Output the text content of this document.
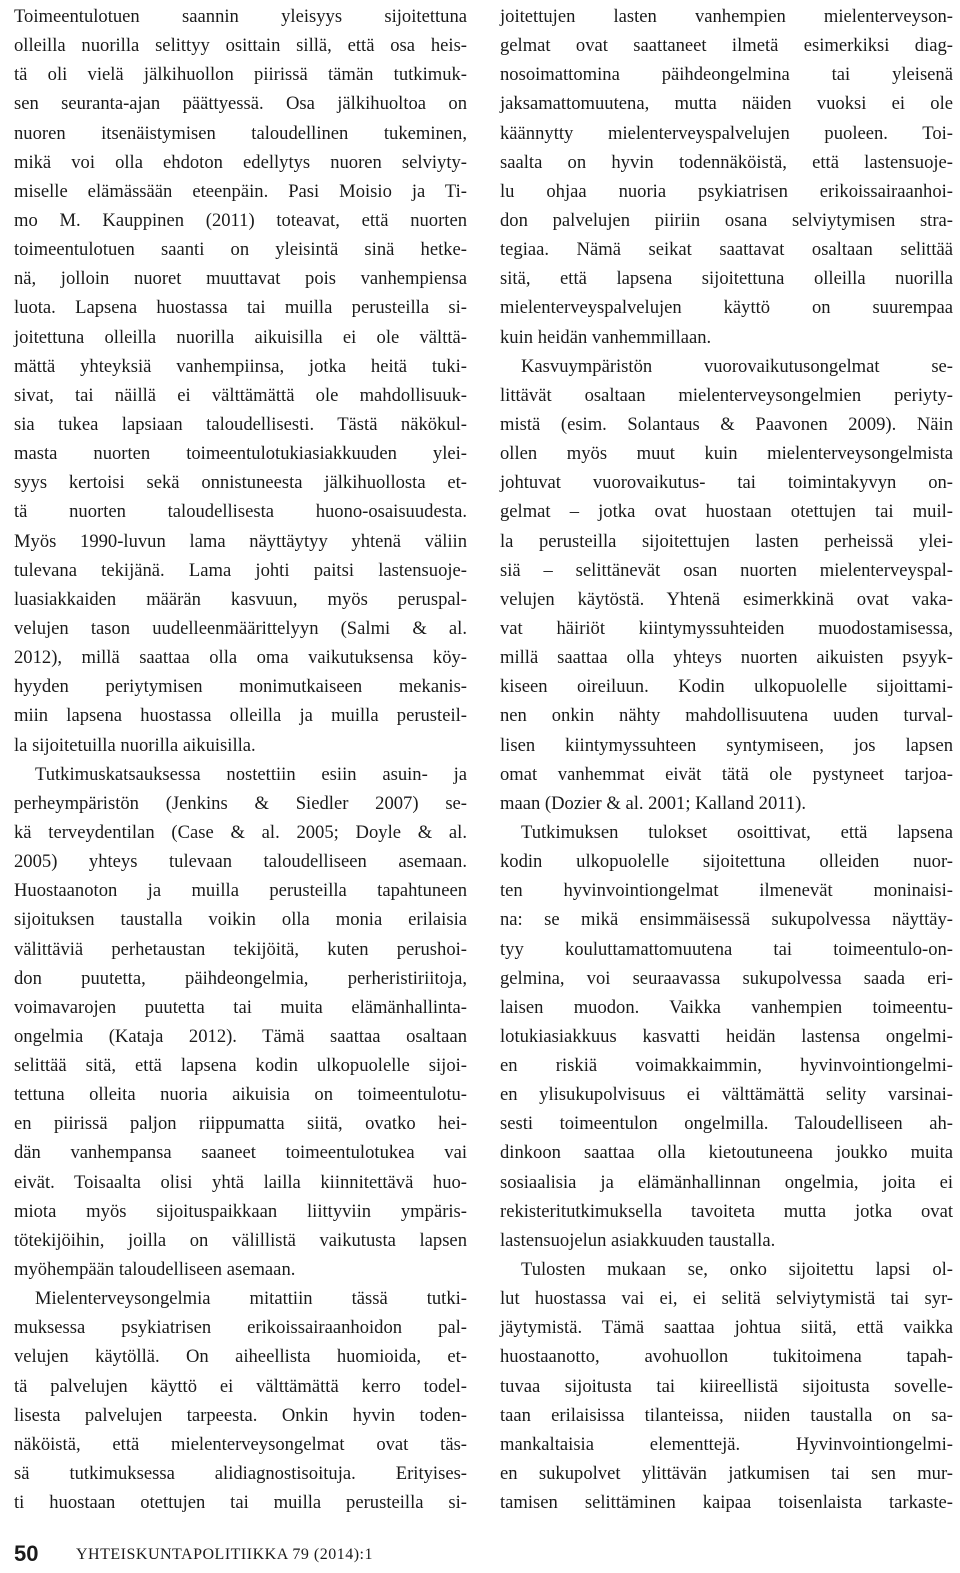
Toimeentulotuen saannin yleisyys sijoitettuna
olleilla nuorilla selittyy osittain sillä, että osa heis-
tä oli vielä jälkihuollon piirissä tämän tutkimuk-
sen seuranta-ajan päättyessä. Osa jälkihuoltoa on
nuoren itsenäistymisen taloudellinen tukeminen,
mikä voi olla ehdoton edellytys nuoren selviyty-
miselle elämässään eteenpäin. Pasi Moisio ja Ti-
mo M. Kauppinen (2011) toteavat, että nuorten
toimeentulotuen saanti on yleisintä sinä hetke-
nä, jolloin nuoret muuttavat pois vanhempiensa
luota. Lapsena huostassa tai muilla perusteilla si-
joitettuna olleilla nuorilla aikuisilla ei ole välttä-
mättä yhteyksiä vanhempiinsa, jotka heitä tuki-
sivat, tai näillä ei välttämättä ole mahdollisuuk-
sia tukea lapsiaan taloudellisesti. Tästä näkökul-
masta nuorten toimeentulotukiasiakkuuden ylei-
syys kertoisi sekä onnistuneesta jälkihuollosta et-
tä nuorten taloudellisesta huono-osaisuudesta.
Myös 1990-luvun lama näyttäytyy yhtenä väliin
tulevana tekijänä. Lama johti paitsi lastensuoje-
luasiakkaiden määrän kasvuun, myös peruspal-
velujen tason uudelleenmäärittelyyn (Salmi & al.
2012), millä saattaa olla oma vaikutuksensa köy-
hyyden periytymisen monimutkaiseen mekanis-
miin lapsena huostassa olleilla ja muilla perusteil-
la sijoitetuilla nuorilla aikuisilla.
Tutkimuskatsauksessa nostettiin esiin asuin- ja
perheympäristön (Jenkins & Siedler 2007) se-
kä terveydentilan (Case & al. 2005; Doyle & al.
2005) yhteys tulevaan taloudelliseen asemaan.
Huostaanoton ja muilla perusteilla tapahtuneen
sijoituksen taustalla voikin olla monia erilaisia
välittäviä perhetaustan tekijöitä, kuten perushoi-
don puutetta, päihdeongelmia, perheristiriitoja,
voimavarojen puutetta tai muita elämänhallinta-
ongelmia (Kataja 2012). Tämä saattaa osaltaan
selittää sitä, että lapsena kodin ulkopuolelle sijoi-
tettuna olleita nuoria aikuisia on toimeentulotu-
en piirissä paljon riippumatta siitä, ovatko hei-
dän vanhempansa saaneet toimeentulotukea vai
eivät. Toisaalta olisi yhtä lailla kiinnitettävä huo-
miota myös sijoituspaikkaan liittyviin ympäris-
tötekijöihin, joilla on välillistä vaikutusta lapsen
myöhempään taloudelliseen asemaan.
Mielenterveysongelmia mitattiin tässä tutki-
muksessa psykiatrisen erikoissairaanhoidon pal-
velujen käytöllä. On aiheellista huomioida, et-
tä palvelujen käyttö ei välttämättä kerro todel-
lisesta palvelujen tarpeesta. Onkin hyvin toden-
näköistä, että mielenterveysongelmat ovat täs-
sä tutkimuksessa alidiagnostisoituja. Erityises-
ti huostaan otettujen tai muilla perusteilla si-
joitettujen lasten vanhempien mielenterveyson-
gelmat ovat saattaneet ilmetä esimerkiksi diag-
nosoimattomina päihdeongelmina tai yleisenä
jaksamattomuutena, mutta näiden vuoksi ei ole
käännytty mielenterveyspalvelujen puoleen. Toi-
saalta on hyvin todennäköistä, että lastensuoje-
lu ohjaa nuoria psykiatrisen erikoissairaanhoi-
don palvelujen piiriin osana selviytymisen stra-
tegiaa. Nämä seikat saattavat osaltaan selittää
sitä, että lapsena sijoitettuna olleilla nuorilla
mielenterveyspalvelujen käyttö on suurempaa
kuin heidän vanhemmillaan.
Kasvuympäristön vuorovaikutusongelmat se-
littävät osaltaan mielenterveysongelmien periyty-
mistä (esim. Solantaus & Paavonen 2009). Näin
ollen myös muut kuin mielenterveysongelmista
johtuvat vuorovaikutus- tai toimintakyvyn on-
gelmat – jotka ovat huostaan otettujen tai muil-
la perusteilla sijoitettujen lasten perheissä ylei-
siä – selittänevät osan nuorten mielenterveyspal-
velujen käytöstä. Yhtenä esimerkkinä ovat vaka-
vat häiriöt kiintymyssuhteiden muodostamisessa,
millä saattaa olla yhteys nuorten aikuisten psyyk-
kiseen oireiluun. Kodin ulkopuolelle sijoittami-
nen onkin nähty mahdollisuutena uuden turval-
lisen kiintymyssuhteen syntymiseen, jos lapsen
omat vanhemmat eivät tätä ole pystyneet tarjoa-
maan (Dozier & al. 2001; Kalland 2011).
Tutkimuksen tulokset osoittivat, että lapsena
kodin ulkopuolelle sijoitettuna olleiden nuor-
ten hyvinvointiongelmat ilmenevät moninaisi-
na: se mikä ensimmäisessä sukupolvessa näyttäy-
tyy kouluttamattomuutena tai toimeentulo-on-
gelmina, voi seuraavassa sukupolvessa saada eri-
laisen muodon. Vaikka vanhempien toimeentu-
lotukiasiakkuus kasvatti heidän lastensa ongelmi-
en riskiä voimakkaimmin, hyvinvointiongelmi-
en ylisukupolvisuus ei välttämättä selity varsinai-
sesti toimeentulon ongelmilla. Taloudelliseen ah-
dinkoon saattaa olla kietoutuneena joukko muita
sosiaalisia ja elämänhallinnan ongelmia, joita ei
rekisteritutkimuksella tavoiteta mutta jotka ovat
lastensuojelun asiakkuuden taustalla.
Tulosten mukaan se, onko sijoitettu lapsi ol-
lut huostassa vai ei, ei selitä selviytymistä tai syr-
jäytymistä. Tämä saattaa johtua siitä, että vaikka
huostaanotto, avohuollon tukitoimena tapah-
tuvaa sijoitusta tai kiireellistä sijoitusta sovelle-
taan erilaisissa tilanteissa, niiden taustalla on sa-
mankaltaisia elementtejä. Hyvinvointiongelmi-
en sukupolvet ylittävän jatkumisen tai sen mur-
tamisen selittäminen kaipaa toisenlaista tarkaste-
50 YHTEISKUNTAPOLITIIKKA 79 (2014):1
